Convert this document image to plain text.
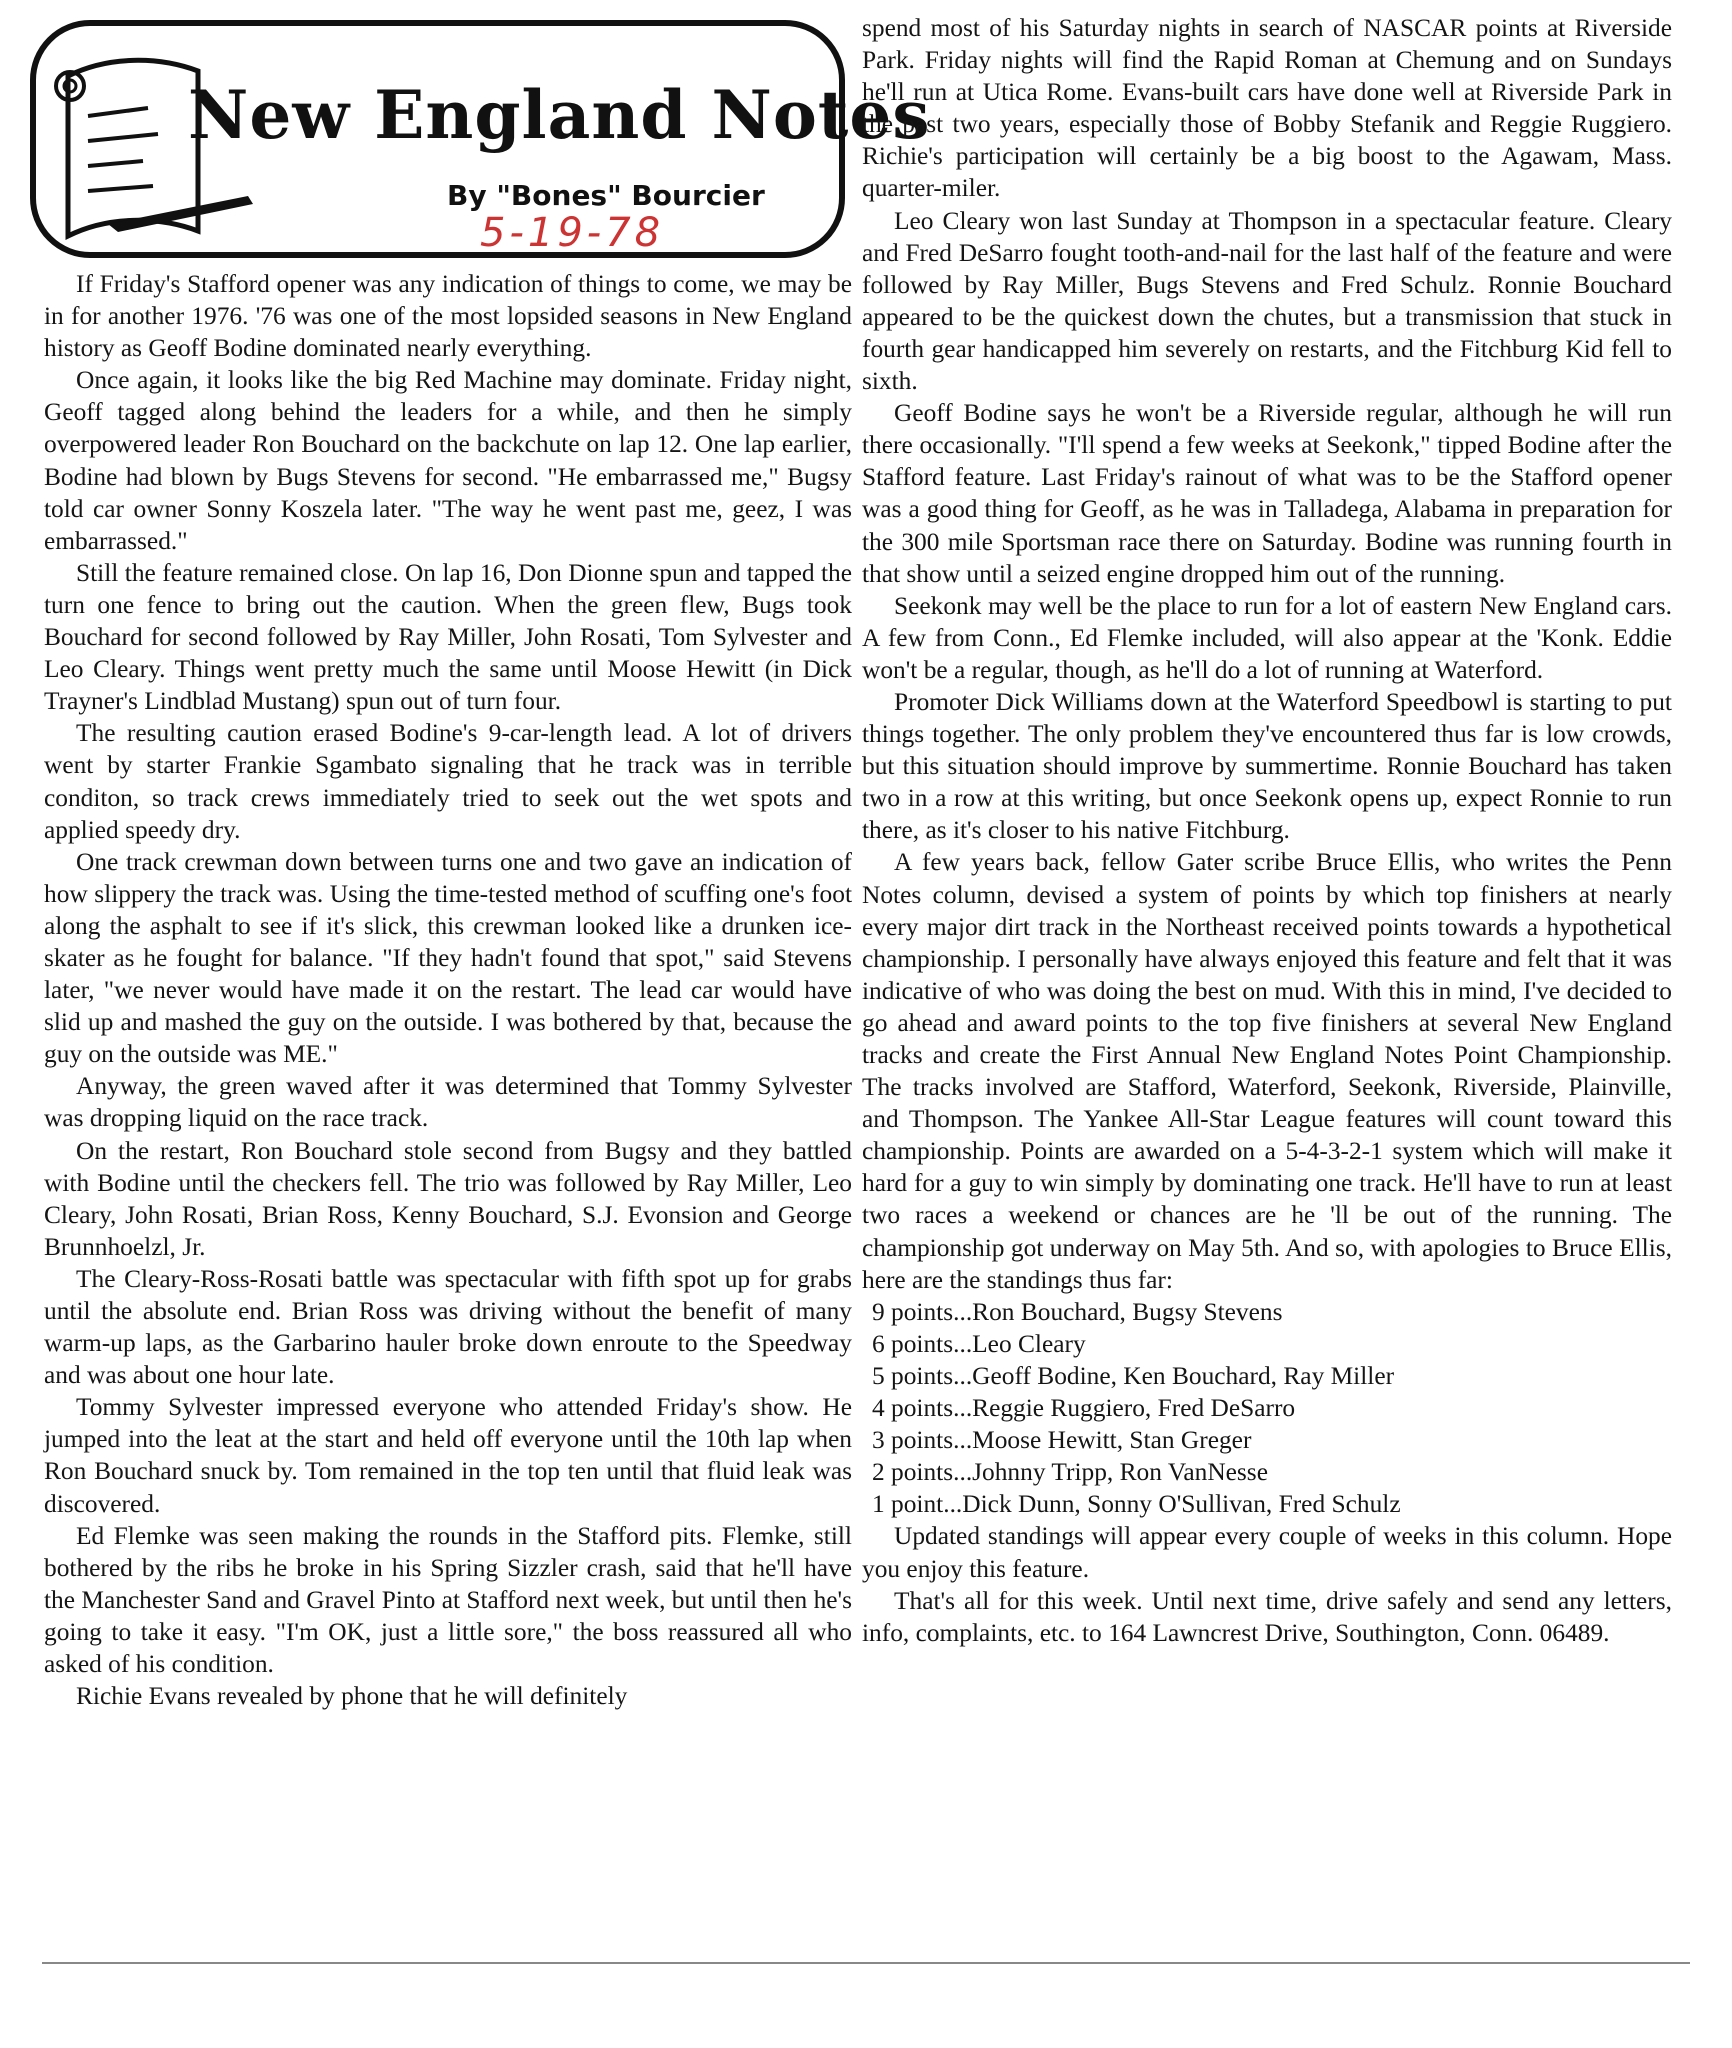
New England Notes
By "Bones" Bourcier
5-19-78

If Friday's Stafford opener was any indication of things to come, we may be in for another 1976. '76 was one of the most lopsided seasons in New England history as Geoff Bodine dominated nearly everything.

Once again, it looks like the big Red Machine may dominate. Friday night, Geoff tagged along behind the leaders for a while, and then he simply overpowered leader Ron Bouchard on the backchute on lap 12. One lap earlier, Bodine had blown by Bugs Stevens for second. "He embarrassed me," Bugsy told car owner Sonny Koszela later. "The way he went past me, geez, I was embarrassed."

Still the feature remained close. On lap 16, Don Dionne spun and tapped the turn one fence to bring out the caution. When the green flew, Bugs took Bouchard for second followed by Ray Miller, John Rosati, Tom Sylvester and Leo Cleary. Things went pretty much the same until Moose Hewitt (in Dick Trayner's Lindblad Mustang) spun out of turn four.

The resulting caution erased Bodine's 9-car-length lead. A lot of drivers went by starter Frankie Sgambato signaling that he track was in terrible conditon, so track crews immediately tried to seek out the wet spots and applied speedy dry.

One track crewman down between turns one and two gave an indication of how slippery the track was. Using the time-tested method of scuffing one's foot along the asphalt to see if it's slick, this crewman looked like a drunken ice-skater as he fought for balance. "If they hadn't found that spot," said Stevens later, "we never would have made it on the restart. The lead car would have slid up and mashed the guy on the outside. I was bothered by that, because the guy on the outside was ME."

Anyway, the green waved after it was determined that Tommy Sylvester was dropping liquid on the race track.

On the restart, Ron Bouchard stole second from Bugsy and they battled with Bodine until the checkers fell. The trio was followed by Ray Miller, Leo Cleary, John Rosati, Brian Ross, Kenny Bouchard, S.J. Evonsion and George Brunnhoelzl, Jr.

The Cleary-Ross-Rosati battle was spectacular with fifth spot up for grabs until the absolute end. Brian Ross was driving without the benefit of many warm-up laps, as the Garbarino hauler broke down enroute to the Speedway and was about one hour late.

Tommy Sylvester impressed everyone who attended Friday's show. He jumped into the leat at the start and held off everyone until the 10th lap when Ron Bouchard snuck by. Tom remained in the top ten until that fluid leak was discovered.

Ed Flemke was seen making the rounds in the Stafford pits. Flemke, still bothered by the ribs he broke in his Spring Sizzler crash, said that he'll have the Manchester Sand and Gravel Pinto at Stafford next week, but until then he's going to take it easy. "I'm OK, just a little sore," the boss reassured all who asked of his condition.

Richie Evans revealed by phone that he will definitely

spend most of his Saturday nights in search of NASCAR points at Riverside Park. Friday nights will find the Rapid Roman at Chemung and on Sundays he'll run at Utica Rome. Evans-built cars have done well at Riverside Park in the past two years, especially those of Bobby Stefanik and Reggie Ruggiero. Richie's participation will certainly be a big boost to the Agawam, Mass. quarter-miler.

Leo Cleary won last Sunday at Thompson in a spectacular feature. Cleary and Fred DeSarro fought tooth-and-nail for the last half of the feature and were followed by Ray Miller, Bugs Stevens and Fred Schulz. Ronnie Bouchard appeared to be the quickest down the chutes, but a transmission that stuck in fourth gear handicapped him severely on restarts, and the Fitchburg Kid fell to sixth.

Geoff Bodine says he won't be a Riverside regular, although he will run there occasionally. "I'll spend a few weeks at Seekonk," tipped Bodine after the Stafford feature. Last Friday's rainout of what was to be the Stafford opener was a good thing for Geoff, as he was in Talladega, Alabama in preparation for the 300 mile Sportsman race there on Saturday. Bodine was running fourth in that show until a seized engine dropped him out of the running.

Seekonk may well be the place to run for a lot of eastern New England cars. A few from Conn., Ed Flemke included, will also appear at the 'Konk. Eddie won't be a regular, though, as he'll do a lot of running at Waterford.

Promoter Dick Williams down at the Waterford Speedbowl is starting to put things together. The only problem they've encountered thus far is low crowds, but this situation should improve by summertime. Ronnie Bouchard has taken two in a row at this writing, but once Seekonk opens up, expect Ronnie to run there, as it's closer to his native Fitchburg.

A few years back, fellow Gater scribe Bruce Ellis, who writes the Penn Notes column, devised a system of points by which top finishers at nearly every major dirt track in the Northeast received points towards a hypothetical championship. I personally have always enjoyed this feature and felt that it was indicative of who was doing the best on mud. With this in mind, I've decided to go ahead and award points to the top five finishers at several New England tracks and create the First Annual New England Notes Point Championship. The tracks involved are Stafford, Waterford, Seekonk, Riverside, Plainville, and Thompson. The Yankee All-Star League features will count toward this championship. Points are awarded on a 5-4-3-2-1 system which will make it hard for a guy to win simply by dominating one track. He'll have to run at least two races a weekend or chances are he 'll be out of the running. The championship got underway on May 5th. And so, with apologies to Bruce Ellis, here are the standings thus far:

9 points...Ron Bouchard, Bugsy Stevens

6 points...Leo Cleary

5 points...Geoff Bodine, Ken Bouchard, Ray Miller

4 points...Reggie Ruggiero, Fred DeSarro

3 points...Moose Hewitt, Stan Greger

2 points...Johnny Tripp, Ron VanNesse

1 point...Dick Dunn, Sonny O'Sullivan, Fred Schulz

Updated standings will appear every couple of weeks in this column. Hope you enjoy this feature.

That's all for this week. Until next time, drive safely and send any letters, info, complaints, etc. to 164 Lawncrest Drive, Southington, Conn. 06489.
